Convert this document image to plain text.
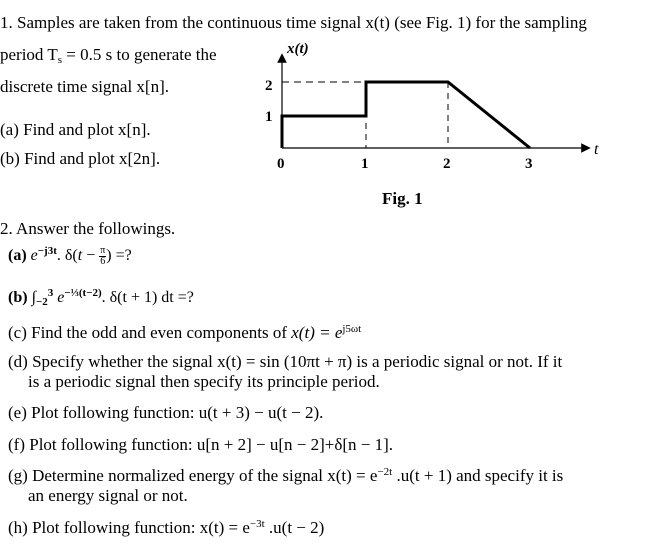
1. Samples are taken from the continuous time signal x(t) (see Fig. 1) for the sampling
period $T_s = 0.5$ s to generate the
discrete time signal x[n].
(a) Find and plot x[n].
(b) Find and plot x[2n].
x(t)
t
2
1
0	1	2	3
Fig. 1
2. Answer the followings.
(a) $e^{-j3t}$. $\delta(t - \frac{\pi}{6}$ ) =?
(b) $\int_{-2}^3$ $e^{-\frac{1}{3}(t-2)}$. δ(t + 1) dt =?
(c) Find the odd and even components of $x(t) = e^{j5\omega t}$
(d) Specify whether the signal x(t) = sin (10πt + π) is a periodic signal or not. If it
is a periodic signal then specify its principle period.
(e) Plot following function: u(t + 3) − u(t − 2).
(f) Plot following function: u[n + 2] − u[n − 2]+δ[n − 1].
(g) Determine normalized energy of the signal $x(t) = e^{-2t}$ .u(t + 1) and specify it is
an energy signal or not.
(h) Plot following function: $x(t) = e^{-3t}$ .u(t − 2)
